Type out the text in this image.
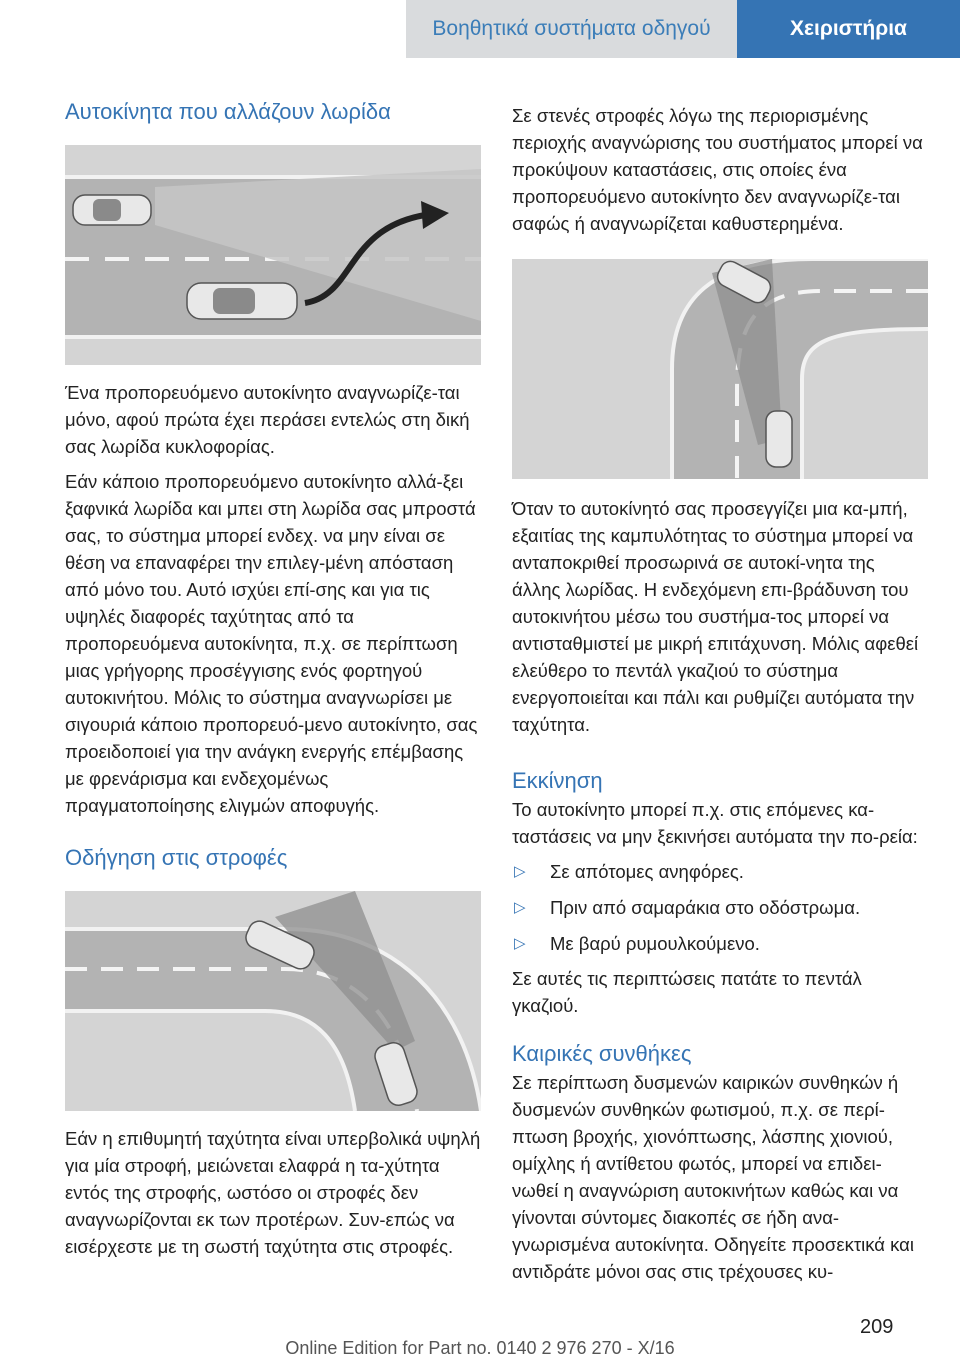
Βοηθητικά συστήματα οδηγού	Χειριστήρια
Αυτοκίνητα που αλλάζουν λωρίδα

Ένα προπορευόμενο αυτοκίνητο αναγνωρίζε-ται μόνο, αφού πρώτα έχει περάσει εντελώς στη δική σας λωρίδα κυκλοφορίας.

Εάν κάποιο προπορευόμενο αυτοκίνητο αλλά-ξει ξαφνικά λωρίδα και μπει στη λωρίδα σας μπροστά σας, το σύστημα μπορεί ενδεχ. να μην είναι σε θέση να επαναφέρει την επιλεγ-μένη απόσταση από μόνο του. Αυτό ισχύει επί-σης και για τις υψηλές διαφορές ταχύτητας από τα προπορευόμενα αυτοκίνητα, π.χ. σε περίπτωση μιας γρήγορης προσέγγισης ενός φορτηγού αυτοκινήτου. Μόλις το σύστημα αναγνωρίσει με σιγουριά κάποιο προπορευό-μενο αυτοκίνητο, σας προειδοποιεί για την ανάγκη ενεργής επέμβασης με φρενάρισμα και ενδεχομένως πραγματοποίησης ελιγμών αποφυγής.

Οδήγηση στις στροφές

Εάν η επιθυμητή ταχύτητα είναι υπερβολικά υψηλή για μία στροφή, μειώνεται ελαφρά η τα-χύτητα εντός της στροφής, ωστόσο οι στροφές δεν αναγνωρίζονται εκ των προτέρων. Συν-επώς να εισέρχεστε με τη σωστή ταχύτητα στις στροφές.

Σε στενές στροφές λόγω της περιορισμένης περιοχής αναγνώρισης του συστήματος μπορεί να προκύψουν καταστάσεις, στις οποίες ένα προπορευόμενο αυτοκίνητο δεν αναγνωρίζε-ται σαφώς ή αναγνωρίζεται καθυστερημένα.

Όταν το αυτοκίνητό σας προσεγγίζει μια κα-μπή, εξαιτίας της καμπυλότητας το σύστημα μπορεί να ανταποκριθεί προσωρινά σε αυτοκί-νητα της άλλης λωρίδας. Η ενδεχόμενη επι-βράδυνση του αυτοκινήτου μέσω του συστήμα-τος μπορεί να αντισταθμιστεί με μικρή επιτάχυνση. Μόλις αφεθεί ελεύθερο το πεντάλ γκαζιού το σύστημα ενεργοποιείται και πάλι και ρυθμίζει αυτόματα την ταχύτητα.

Εκκίνηση

Το αυτοκίνητο μπορεί π.χ. στις επόμενες κα-ταστάσεις να μην ξεκινήσει αυτόματα την πο-ρεία:

▷	Σε απότομες ανηφόρες.
▷	Πριν από σαμαράκια στο οδόστρωμα.
▷	Με βαρύ ρυμουλκούμενο.

Σε αυτές τις περιπτώσεις πατάτε το πεντάλ γκαζιού.

Καιρικές συνθήκες

Σε περίπτωση δυσμενών καιρικών συνθηκών ή δυσμενών συνθηκών φωτισμού, π.χ. σε περί-πτωση βροχής, χιονόπτωσης, λάσπης χιονιού, ομίχλης ή αντίθετου φωτός, μπορεί να επιδει-νωθεί η αναγνώριση αυτοκινήτων καθώς και να γίνονται σύντομες διακοπές σε ήδη ανα-γνωρισμένα αυτοκίνητα. Οδηγείτε προσεκτικά και αντιδράτε μόνοι σας στις τρέχουσες κυ-

209
Online Edition for Part no. 0140 2 976 270 - X/16
